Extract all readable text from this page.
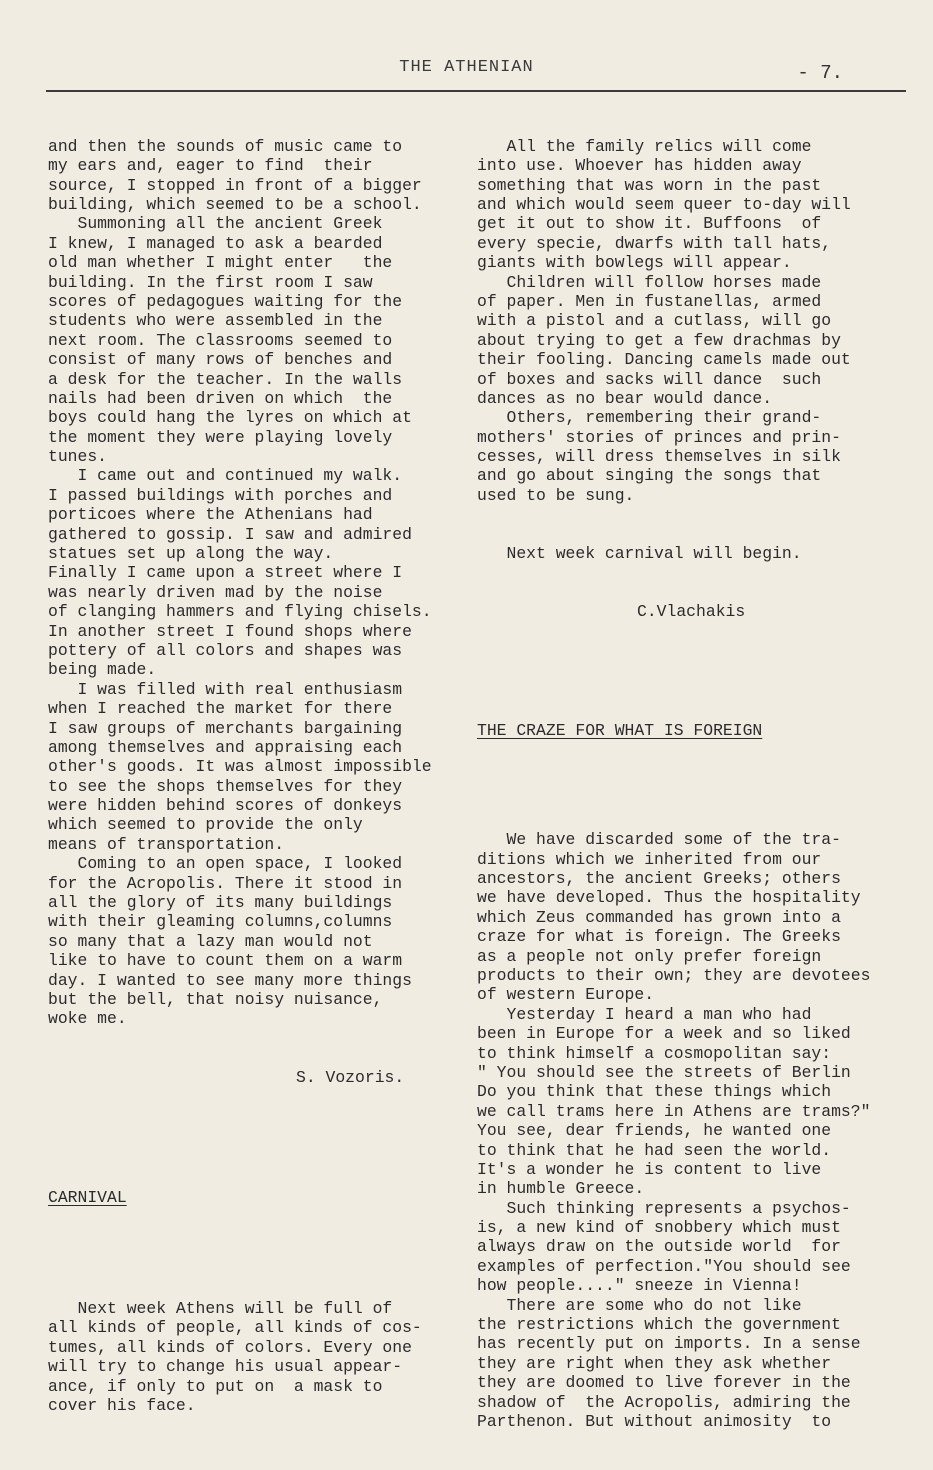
THE ATHENIAN	- 7.

and then the sounds of music came to
my ears and, eager to find  their
source, I stopped in front of a bigger
building, which seemed to be a school.
Summoning all the ancient Greek
I knew, I managed to ask a bearded
old man whether I might enter   the
building. In the first room I saw
scores of pedagogues waiting for the
students who were assembled in the
next room. The classrooms seemed to
consist of many rows of benches and
a desk for the teacher. In the walls
nails had been driven on which  the
boys could hang the lyres on which at
the moment they were playing lovely
tunes.
I came out and continued my walk.
I passed buildings with porches and
porticoes where the Athenians had
gathered to gossip. I saw and admired
statues set up along the way.
Finally I came upon a street where I
was nearly driven mad by the noise
of clanging hammers and flying chisels.
In another street I found shops where
pottery of all colors and shapes was
being made.
I was filled with real enthusiasm
when I reached the market for there
I saw groups of merchants bargaining
among themselves and appraising each
other's goods. It was almost impossible
to see the shops themselves for they
were hidden behind scores of donkeys
which seemed to provide the only
means of transportation.
Coming to an open space, I looked
for the Acropolis. There it stood in
all the glory of its many buildings
with their gleaming columns,columns
so many that a lazy man would not
like to have to count them on a warm
day. I wanted to see many more things
but the bell, that noisy nuisance,
woke me.

S. Vozoris.

CARNIVAL

Next week Athens will be full of
all kinds of people, all kinds of cos-
tumes, all kinds of colors. Every one
will try to change his usual appear-
ance, if only to put on  a mask to
cover his face.

All the family relics will come
into use. Whoever has hidden away
something that was worn in the past
and which would seem queer to-day will
get it out to show it. Buffoons  of
every specie, dwarfs with tall hats,
giants with bowlegs will appear.
Children will follow horses made
of paper. Men in fustanellas, armed
with a pistol and a cutlass, will go
about trying to get a few drachmas by
their fooling. Dancing camels made out
of boxes and sacks will dance  such
dances as no bear would dance.
Others, remembering their grand-
mothers' stories of princes and prin-
cesses, will dress themselves in silk
and go about singing the songs that
used to be sung.

Next week carnival will begin.

C.Vlachakis

THE CRAZE FOR WHAT IS FOREIGN

We have discarded some of the tra-
ditions which we inherited from our
ancestors, the ancient Greeks; others
we have developed. Thus the hospitality
which Zeus commanded has grown into a
craze for what is foreign. The Greeks
as a people not only prefer foreign
products to their own; they are devotees
of western Europe.
Yesterday I heard a man who had
been in Europe for a week and so liked
to think himself a cosmopolitan say:
" You should see the streets of Berlin
Do you think that these things which
we call trams here in Athens are trams?"
You see, dear friends, he wanted one
to think that he had seen the world.
It's a wonder he is content to live
in humble Greece.
Such thinking represents a psychos-
is, a new kind of snobbery which must
always draw on the outside world  for
examples of perfection."You should see
how people...." sneeze in Vienna!
There are some who do not like
the restrictions which the government
has recently put on imports. In a sense
they are right when they ask whether
they are doomed to live forever in the
shadow of  the Acropolis, admiring the
Parthenon. But without animosity  to
